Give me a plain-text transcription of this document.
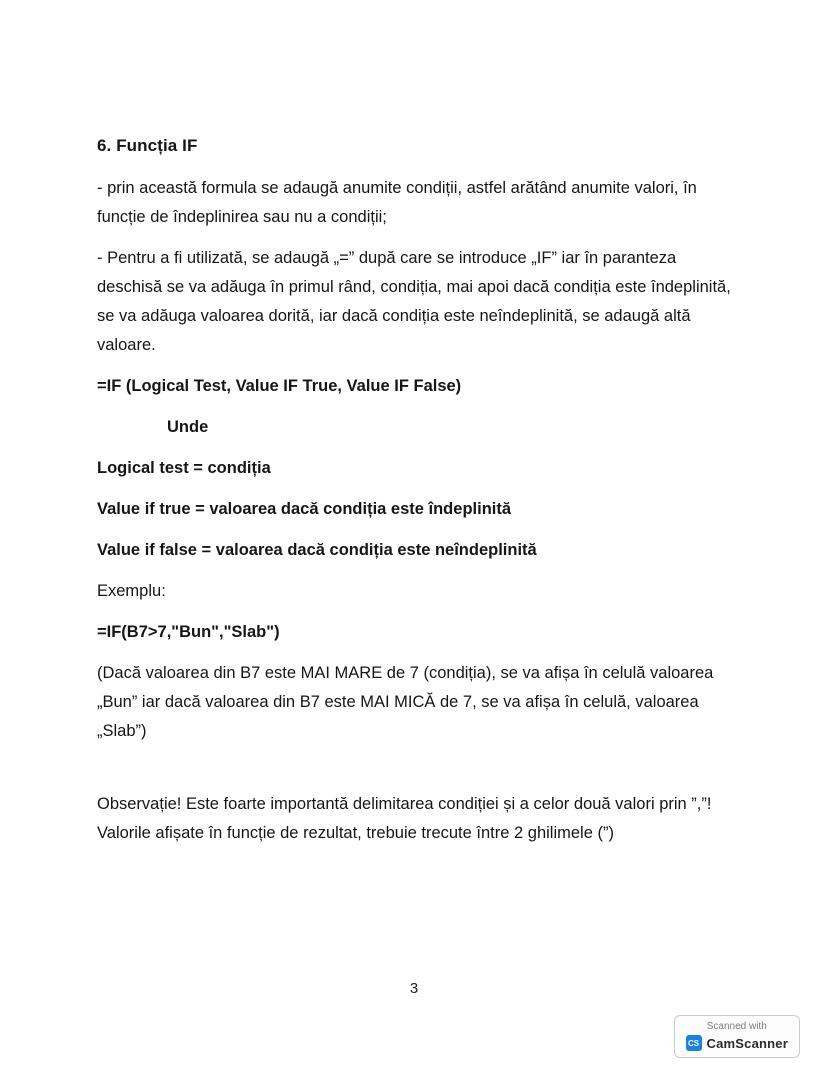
6. Funcția IF

- prin această formula se adaugă anumite condiții, astfel arătând anumite valori, în funcție de îndeplinirea sau nu a condiții;

- Pentru a fi utilizată, se adaugă „=” după care se introduce „IF” iar în paranteza deschisă se va adăuga în primul rând, condiția, mai apoi dacă condiția este îndeplinită, se va adăuga valoarea dorită, iar dacă condiția este neîndeplinită, se adaugă altă valoare.

=IF (Logical Test, Value IF True, Value IF False)

Unde

Logical test = condiția

Value if true = valoarea dacă condiția este îndeplinită

Value if false = valoarea dacă condiția este neîndeplinită

Exemplu:

=IF(B7>7,"Bun","Slab")

(Dacă valoarea din B7 este MAI MARE de 7 (condiția), se va afișa în celulă valoarea „Bun” iar dacă valoarea din B7 este MAI MICĂ de 7, se va afișa în celulă, valoarea „Slab”)

Observație! Este foarte importantă delimitarea condiției și a celor două valori prin ”,”! Valorile afișate în funcție de rezultat, trebuie trecute între 2 ghilimele (”)

3
Scanned with
CS CamScanner
